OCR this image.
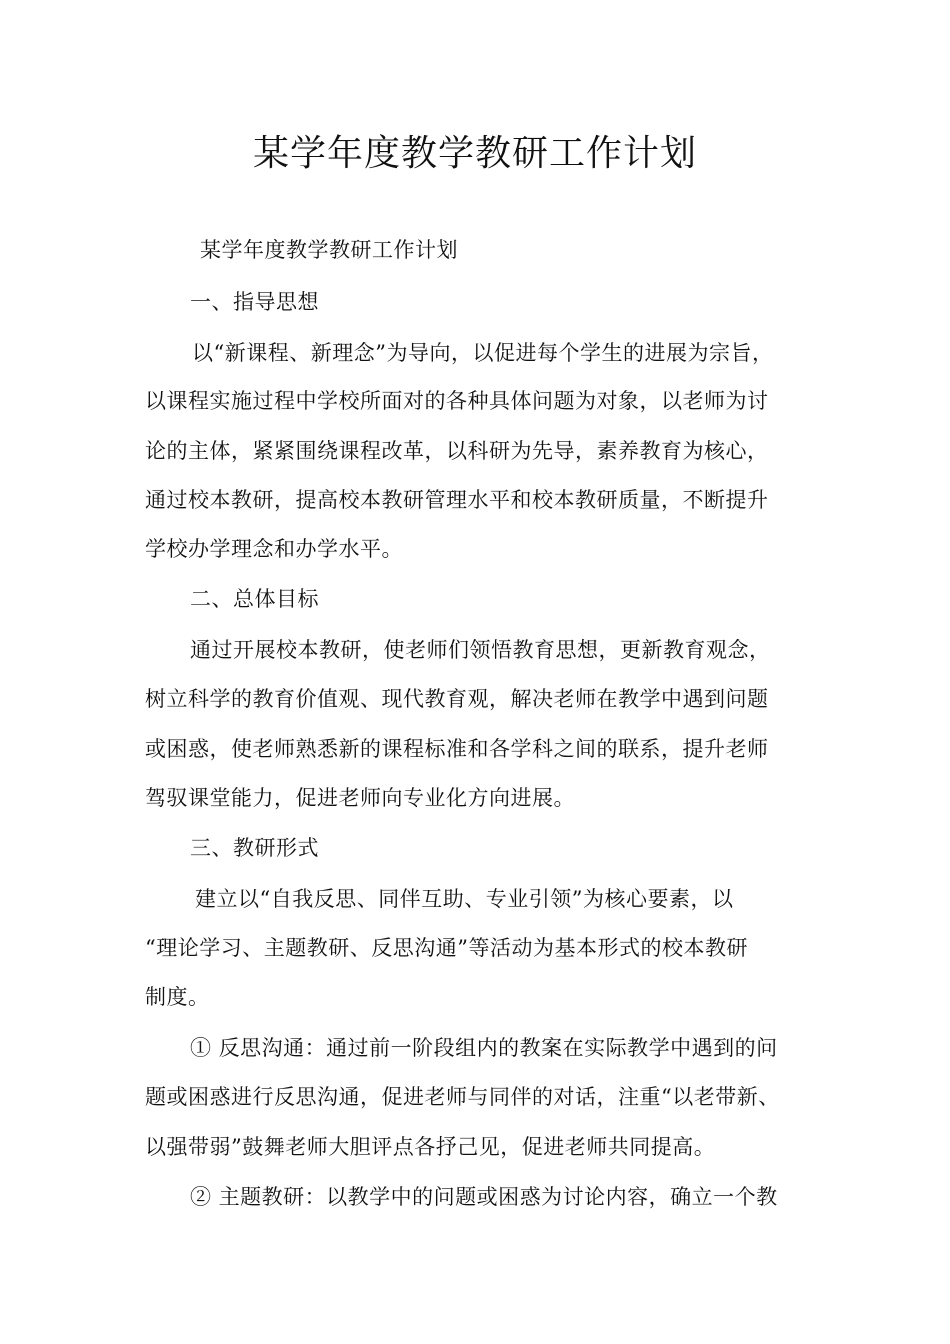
某学年度教学教研工作计划
某学年度教学教研工作计划
一、指导思想
以“新课程、新理念”为导向，以促进每个学生的进展为宗旨，
以课程实施过程中学校所面对的各种具体问题为对象，以老师为讨
论的主体，紧紧围绕课程改革，以科研为先导，素养教育为核心，
通过校本教研，提高校本教研管理水平和校本教研质量，不断提升
学校办学理念和办学水平。
二、总体目标
通过开展校本教研，使老师们领悟教育思想，更新教育观念，
树立科学的教育价值观、现代教育观，解决老师在教学中遇到问题
或困惑，使老师熟悉新的课程标准和各学科之间的联系，提升老师
驾驭课堂能力，促进老师向专业化方向进展。
三、教研形式
建立以“自我反思、同伴互助、专业引领”为核心要素，以
“理论学习、主题教研、反思沟通”等活动为基本形式的校本教研
制度。
① 反思沟通：通过前一阶段组内的教案在实际教学中遇到的问
题或困惑进行反思沟通，促进老师与同伴的对话，注重“以老带新、
以强带弱”鼓舞老师大胆评点各抒己见，促进老师共同提高。
② 主题教研：以教学中的问题或困惑为讨论内容，确立一个教
